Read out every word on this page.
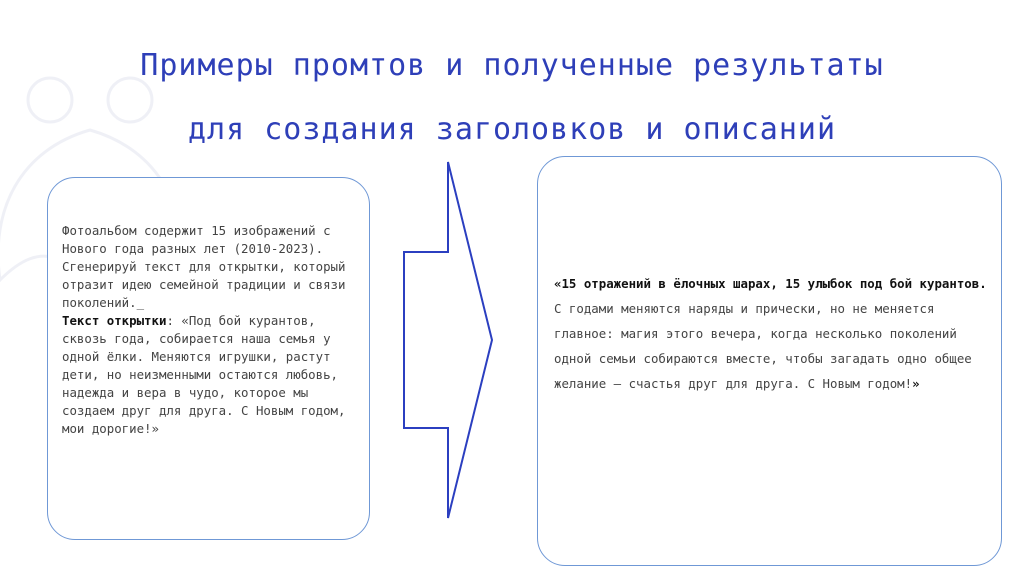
Примеры промтов и полученные результаты
для создания заголовков и описаний
Фотоальбом содержит 15 изображений с Нового года разных лет (2010-2023). Сгенерируй текст для открытки, который отразит идею семейной традиции и связи поколений._
Текст открытки: «Под бой курантов, сквозь года, собирается наша семья у одной ёлки. Меняются игрушки, растут дети, но неизменными остаются любовь, надежда и вера в чудо, которое мы создаем друг для друга. С Новым годом, мои дорогие!»
«15 отражений в ёлочных шарах, 15 улыбок под бой курантов. С годами меняются наряды и прически, но не меняется главное: магия этого вечера, когда несколько поколений одной семьи собираются вместе, чтобы загадать одно общее желание — счастья друг для друга. С Новым годом!»
